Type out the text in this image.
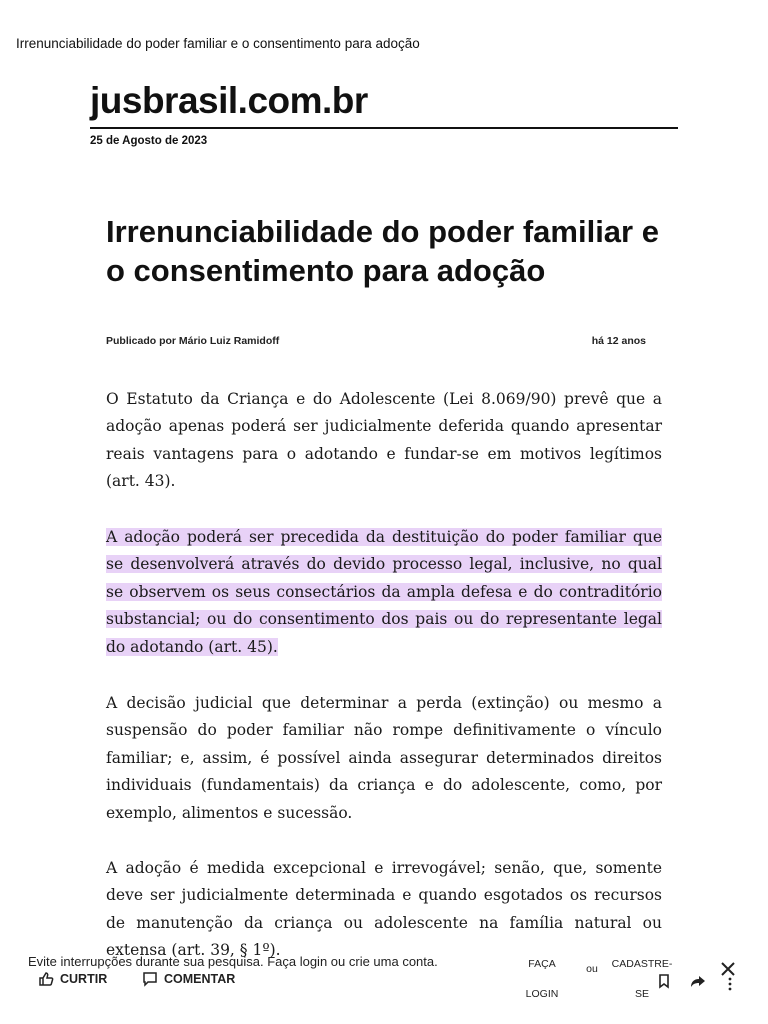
Irrenunciabilidade do poder familiar e o consentimento para adoção
jusbrasil.com.br
25 de Agosto de 2023
Irrenunciabilidade do poder familiar e o consentimento para adoção
Publicado por Mário Luiz Ramidoff	há 12 anos

O Estatuto da Criança e do Adolescente (Lei 8.069/90) prevê que a adoção apenas poderá ser judicialmente deferida quando apresentar reais vantagens para o adotando e fundar-se em motivos legítimos (art. 43).

A adoção poderá ser precedida da destituição do poder familiar que se desenvolverá através do devido processo legal, inclusive, no qual se observem os seus consectários da ampla defesa e do contraditório substancial; ou do consentimento dos pais ou do representante legal do adotando (art. 45).

A decisão judicial que determinar a perda (extinção) ou mesmo a suspensão do poder familiar não rompe definitivamente o vínculo familiar; e, assim, é possível ainda assegurar determinados direitos individuais (fundamentais) da criança e do adolescente, como, por exemplo, alimentos e sucessão.

A adoção é medida excepcional e irrevogável; senão, que, somente deve ser judicialmente determinada e quando esgotados os recursos de manutenção da criança ou adolescente na família natural ou extensa (art. 39, § 1º).

Evite interrupções durante sua pesquisa. Faça login ou crie uma conta.	FAÇA LOGIN
ou	CADASTRE-SE
CURTIR	COMENTAR
